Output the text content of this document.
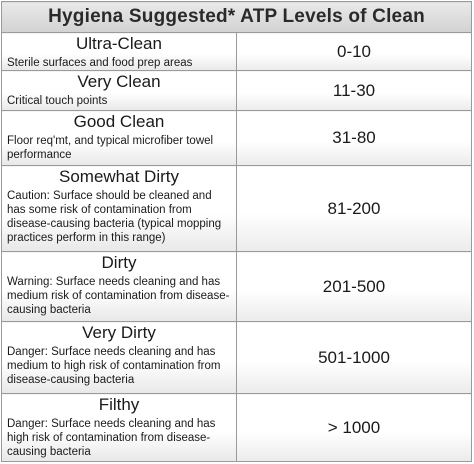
Hygiena Suggested* ATP Levels of Clean	

Ultra-Clean
Sterile surfaces and food prep areas	0-10

Very Clean
Critical touch points	11-30

Good Clean
Floor req'mt, and typical microfiber towel performance	31-80

Somewhat Dirty
Caution: Surface should be cleaned and has some risk of contamination from disease-causing bacteria (typical mopping practices perform in this range)	81-200

Dirty
Warning: Surface needs cleaning and has medium risk of contamination from disease-causing bacteria	201-500

Very Dirty
Danger: Surface needs cleaning and has medium to high risk of contamination from disease-causing bacteria	501-1000

Filthy
Danger: Surface needs cleaning and has high risk of contamination from disease-causing bacteria	> 1000
